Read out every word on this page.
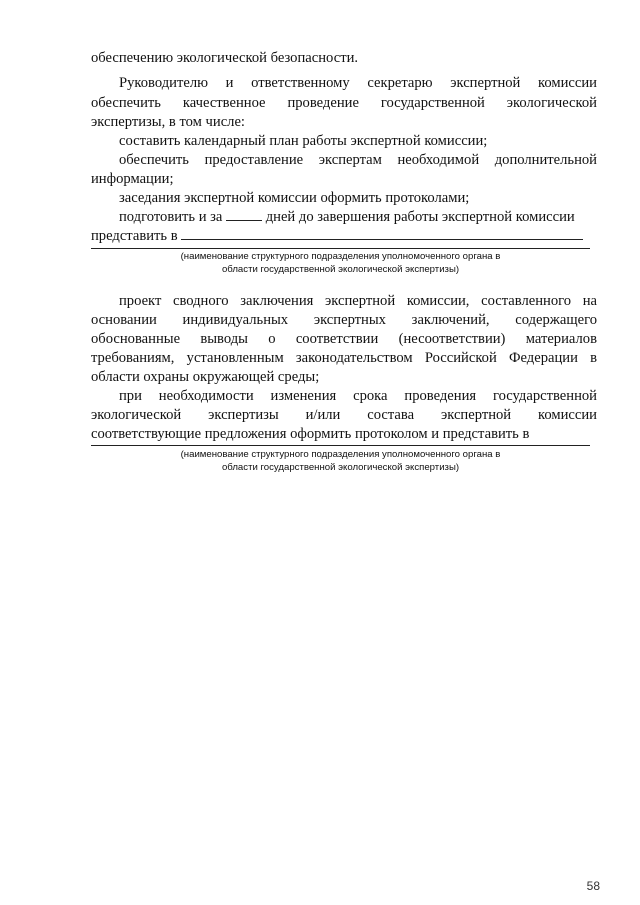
обеспечению экологической безопасности.
Руководителю и ответственному секретарю экспертной комиссии
обеспечить качественное проведение государственной экологической
экспертизы, в том числе:
составить календарный план работы экспертной комиссии;
обеспечить предоставление экспертам необходимой дополнительной
информации;
заседания экспертной комиссии оформить протоколами;
подготовить и за	дней до завершения работы экспертной комиссии
представить в
(наименование структурного подразделения уполномоченного органа в
области государственной экологической экспертизы)
проект сводного заключения экспертной комиссии, составленного на
основании индивидуальных экспертных заключений, содержащего
обоснованные выводы о соответствии (несоответствии) материалов
требованиям, установленным законодательством Российской Федерации в
области охраны окружающей среды;
при необходимости изменения срока проведения государственной
экологической экспертизы и/или состава экспертной комиссии
соответствующие предложения оформить протоколом и представить в
(наименование структурного подразделения уполномоченного органа в
области государственной экологической экспертизы)
58
